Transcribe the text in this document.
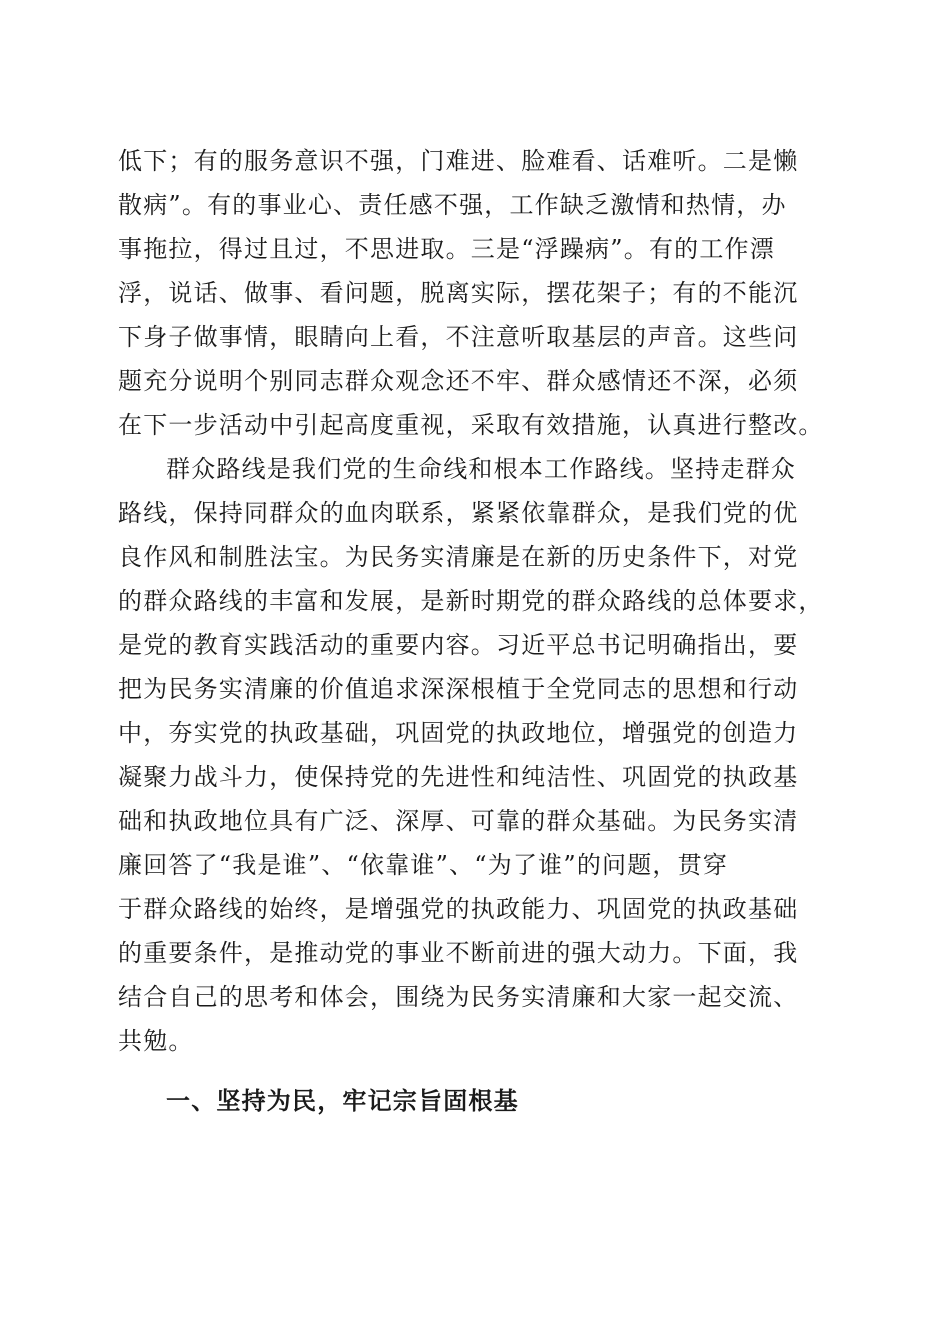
低下；有的服务意识不强，门难进、脸难看、话难听。二是懒
散病”。有的事业心、责任感不强，工作缺乏激情和热情，办
事拖拉，得过且过，不思进取。三是“浮躁病”。有的工作漂
浮，说话、做事、看问题，脱离实际，摆花架子；有的不能沉
下身子做事情，眼睛向上看，不注意听取基层的声音。这些问
题充分说明个别同志群众观念还不牢、群众感情还不深，必须
在下一步活动中引起高度重视，采取有效措施，认真进行整改。
群众路线是我们党的生命线和根本工作路线。坚持走群众
路线，保持同群众的血肉联系，紧紧依靠群众，是我们党的优
良作风和制胜法宝。为民务实清廉是在新的历史条件下，对党
的群众路线的丰富和发展，是新时期党的群众路线的总体要求，
是党的教育实践活动的重要内容。习近平总书记明确指出，要
把为民务实清廉的价值追求深深根植于全党同志的思想和行动
中，夯实党的执政基础，巩固党的执政地位，增强党的创造力
凝聚力战斗力，使保持党的先进性和纯洁性、巩固党的执政基
础和执政地位具有广泛、深厚、可靠的群众基础。为民务实清
廉回答了“我是谁”、“依靠谁”、“为了谁”的问题，贯穿
于群众路线的始终，是增强党的执政能力、巩固党的执政基础
的重要条件，是推动党的事业不断前进的强大动力。下面，我
结合自己的思考和体会，围绕为民务实清廉和大家一起交流、
共勉。
一、坚持为民，牢记宗旨固根基
